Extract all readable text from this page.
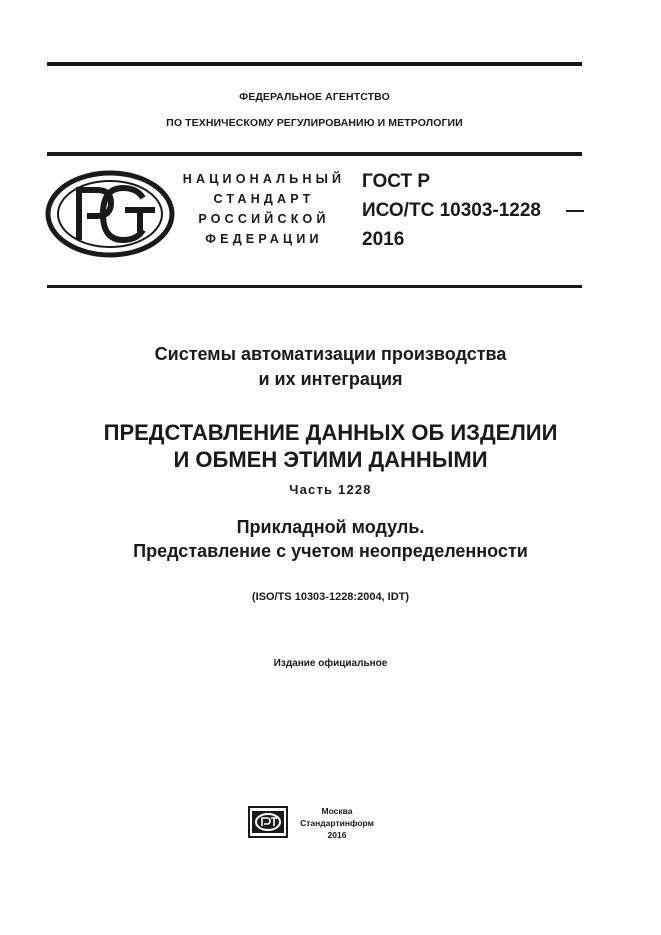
ФЕДЕРАЛЬНОЕ АГЕНТСТВО
ПО ТЕХНИЧЕСКОМУ РЕГУЛИРОВАНИЮ И МЕТРОЛОГИИ
НАЦИОНАЛЬНЫЙ
СТАНДАРТ
РОССИЙСКОЙ
ФЕДЕРАЦИИ
ГОСТ Р
ИСО/ТС 10303-1228
2016
Системы автоматизации производства
и их интеграция
ПРЕДСТАВЛЕНИЕ ДАННЫХ ОБ ИЗДЕЛИИ
И ОБМЕН ЭТИМИ ДАННЫМИ
Часть 1228
Прикладной модуль.
Представление с учетом неопределенности
(ISO/TS 10303-1228:2004, IDT)
Издание официальное
Москва
Стандартинформ
2016
